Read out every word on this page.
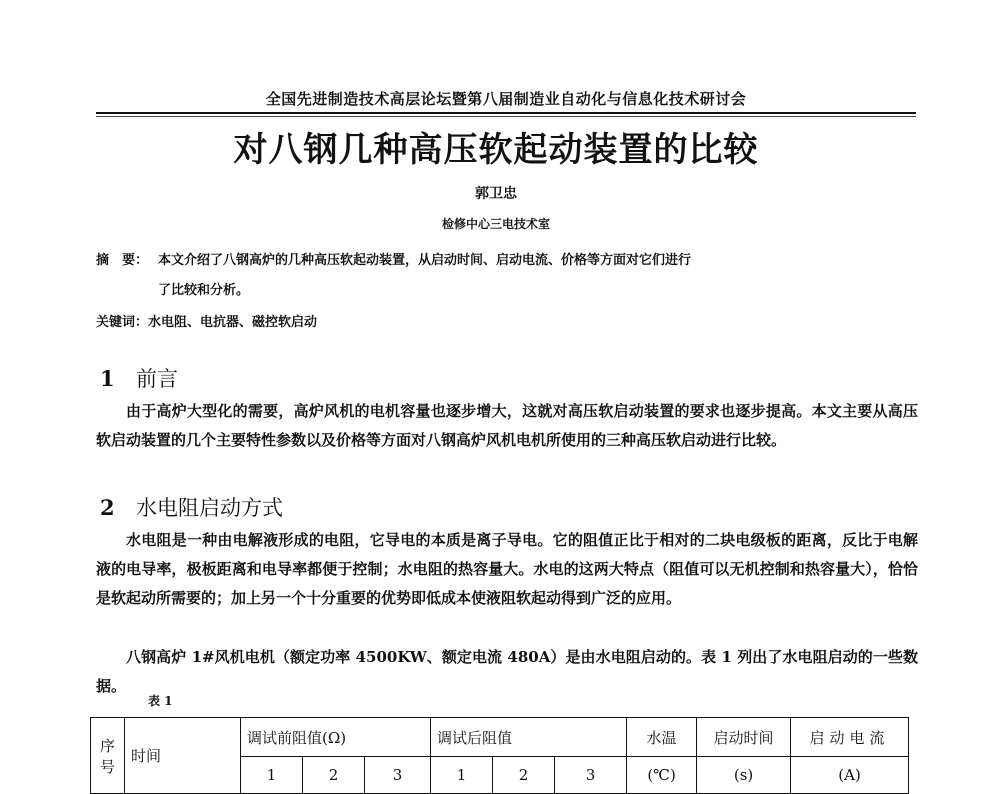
全国先进制造技术高层论坛暨第八届制造业自动化与信息化技术研讨会
对八钢几种高压软起动装置的比较
郭卫忠
检修中心三电技术室
摘　要： 本文介绍了八钢高炉的几种高压软起动装置，从启动时间、启动电流、价格等方面对它们进行
了比较和分析。
关键词：水电阻、电抗器、磁控软启动
1 前言
由于高炉大型化的需要，高炉风机的电机容量也逐步增大，这就对高压软启动装置的要求也逐步提高。本文主要从高压软启动装置的几个主要特性参数以及价格等方面对八钢高炉风机电机所使用的三种高压软启动进行比较。
2 水电阻启动方式
水电阻是一种由电解液形成的电阻，它导电的本质是离子导电。它的阻值正比于相对的二块电级板的距离，反比于电解液的电导率，极板距离和电导率都便于控制；水电阻的热容量大。水电的这两大特点（阻值可以无机控制和热容量大），恰恰是软起动所需要的；加上另一个十分重要的优势即低成本使液阻软起动得到广泛的应用。
八钢高炉 1#风机电机（额定功率 4500KW、额定电流 480A）是由水电阻启动的。表 1 列出了水电阻启动的一些数据。
表 1
序
号	时间	调试前阻值(Ω)			调试后阻值			水温	启动时间	启动电流
		1	2	3	1	2	3	(℃)	(s)	(A)
